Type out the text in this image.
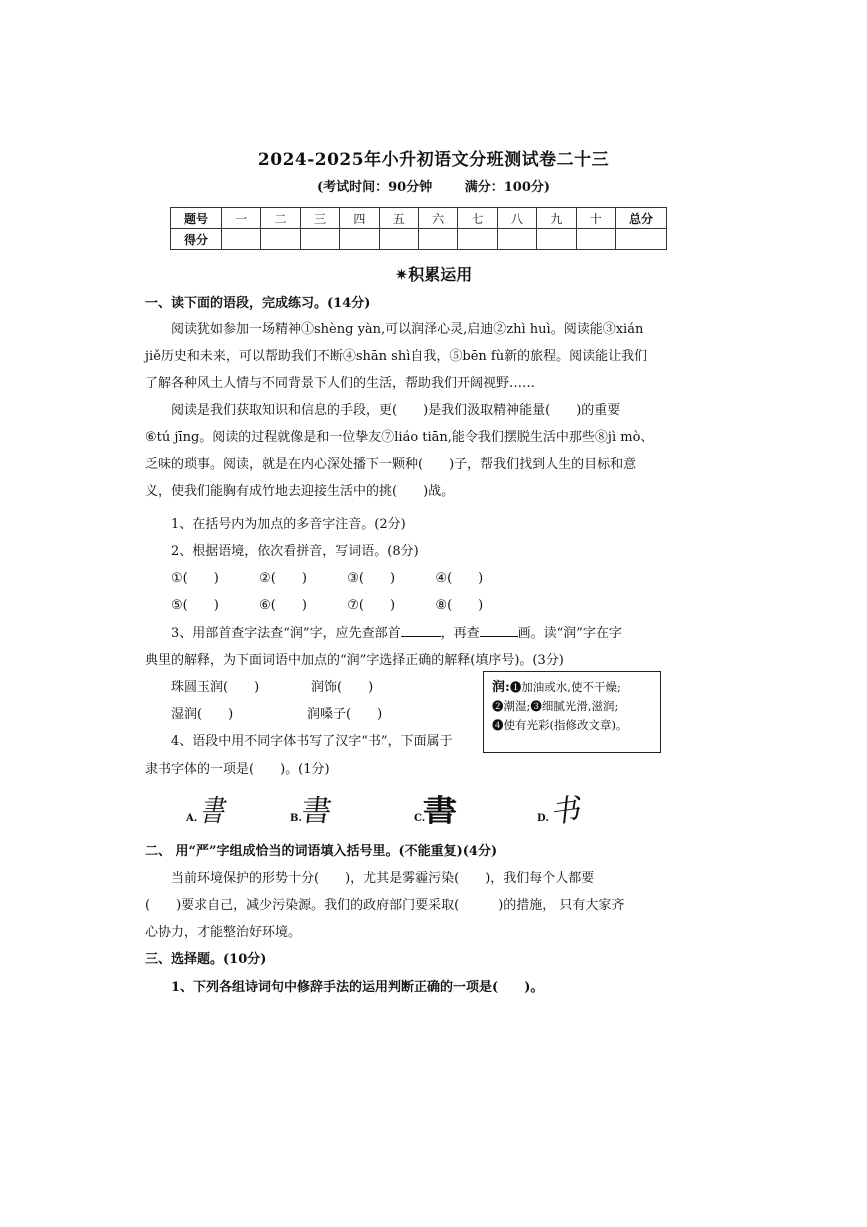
2024-2025年小升初语文分班测试卷二十三
(考试时间：90分钟	满分：100分)
题号	一	二	三	四	五	六	七	八	九	十	总分
得分											
✷积累运用
一、读下面的语段，完成练习。(14分)
阅读犹如参加一场精神①shèng yàn,可以润泽心灵,启迪②zhì huì。阅读能③xián
jiě历史和未来，可以帮助我们不断④shān shì自我，⑤bēn fù新的旅程。阅读能让我们
了解各种风土人情与不同背景下人们的生活，帮助我们开阔视野……
阅读是我们获取知识和信息的手段，更(　　)是我们汲取精神能量(　　)的重要
⑥tú jīng。阅读的过程就像是和一位挚友⑦liáo tiān,能令我们摆脱生活中那些⑧jì mò、
乏味的琐事。阅读，就是在内心深处播下一颗种(　　)子，帮我们找到人生的目标和意
义，使我们能胸有成竹地去迎接生活中的挑(　　)战。
1、在括号内为加点的多音字注音。(2分)
2、根据语境，依次看拼音，写词语。(8分)
①(　　)	②(　　)	③(　　)	④(　　)
⑤(　　)	⑥(　　)	⑦(　　)	⑧(　　)
3、用部首查字法查“润”字，应先查部首	，再查	画。读“润”字在字
典里的解释，为下面词语中加点的“润”字选择正确的解释(填序号)。(3分)
珠圆玉润(　　)	润饰(　　)
湿润(　　)	润嗓子(　　)
润:❶加油或水,使不干燥;
❷潮湿;❸细腻光滑,滋润;
❹使有光彩(指修改文章)。
4、语段中用不同字体书写了汉字“书”，下面属于
隶书字体的一项是(　　)。(1分)
A. 書	B.書	C.書	D.书
二、 用“严”字组成恰当的词语填入括号里。(不能重复)(4分)
当前环境保护的形势十分(　　)，尤其是雾霾污染(　　)，我们每个人都要
(　　)要求自己，减少污染源。我们的政府部门要采取(　　　)的措施， 只有大家齐
心协力，才能整治好环境。
三、选择题。(10分)
1、下列各组诗词句中修辞手法的运用判断正确的一项是(　　)。
